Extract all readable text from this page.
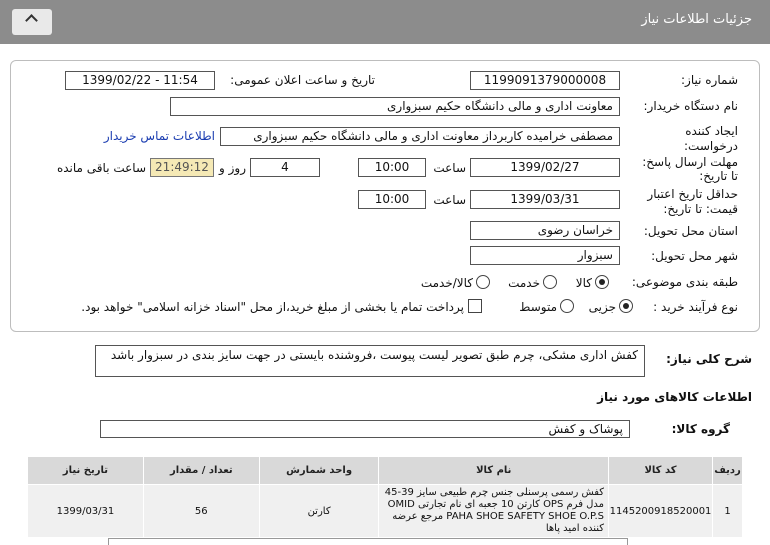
جزئیات اطلاعات نیاز
شماره نیاز:
1199091379000008
تاریخ و ساعت اعلان عمومی:
1399/02/22 - 11:54
نام دستگاه خریدار:
معاونت اداری و مالی دانشگاه حکیم سبزواری
ایجاد کننده
درخواست:
مصطفی خرامیده کاربرداز معاونت اداری و مالی دانشگاه حکیم سبزواری
اطلاعات تماس خریدار
مهلت ارسال پاسخ:
تا تاریخ:
1399/02/27
ساعت
10:00
4
روز و
21:49:12
ساعت باقی مانده
حداقل تاریخ اعتبار
قیمت: تا تاریخ:
1399/03/31
ساعت
10:00
استان محل تحویل:
خراسان رضوی
شهر محل تحویل:
سبزوار
طبقه بندی موضوعی:
کالا
خدمت
کالا/خدمت
نوع فرآیند خرید :
جزیی
متوسط
پرداخت تمام یا بخشی از مبلغ خرید،از محل "اسناد خزانه اسلامی" خواهد بود.
شرح کلی نیاز:
کفش اداری مشکی، چرم طبق تصویر لیست پیوست ،فروشنده بایستی در جهت سایز بندی در سبزوار باشد
اطلاعات کالاهای مورد نیاز
گروه کالا:
پوشاک و کفش
ردیف	کد کالا	نام کالا	واحد شمارش	تعداد / مقدار	تاریخ نیاز
1	1145200918520001	کفش رسمی پرسنلی جنس چرم طبیعی سایز 39-45 مدل فرم OPS کارتن 10 جعبه ای نام تجارتی OMID PAHA SHOE SAFETY SHOE O.P.S مرجع عرضه کننده امید پاها	کارتن	56	1399/03/31
